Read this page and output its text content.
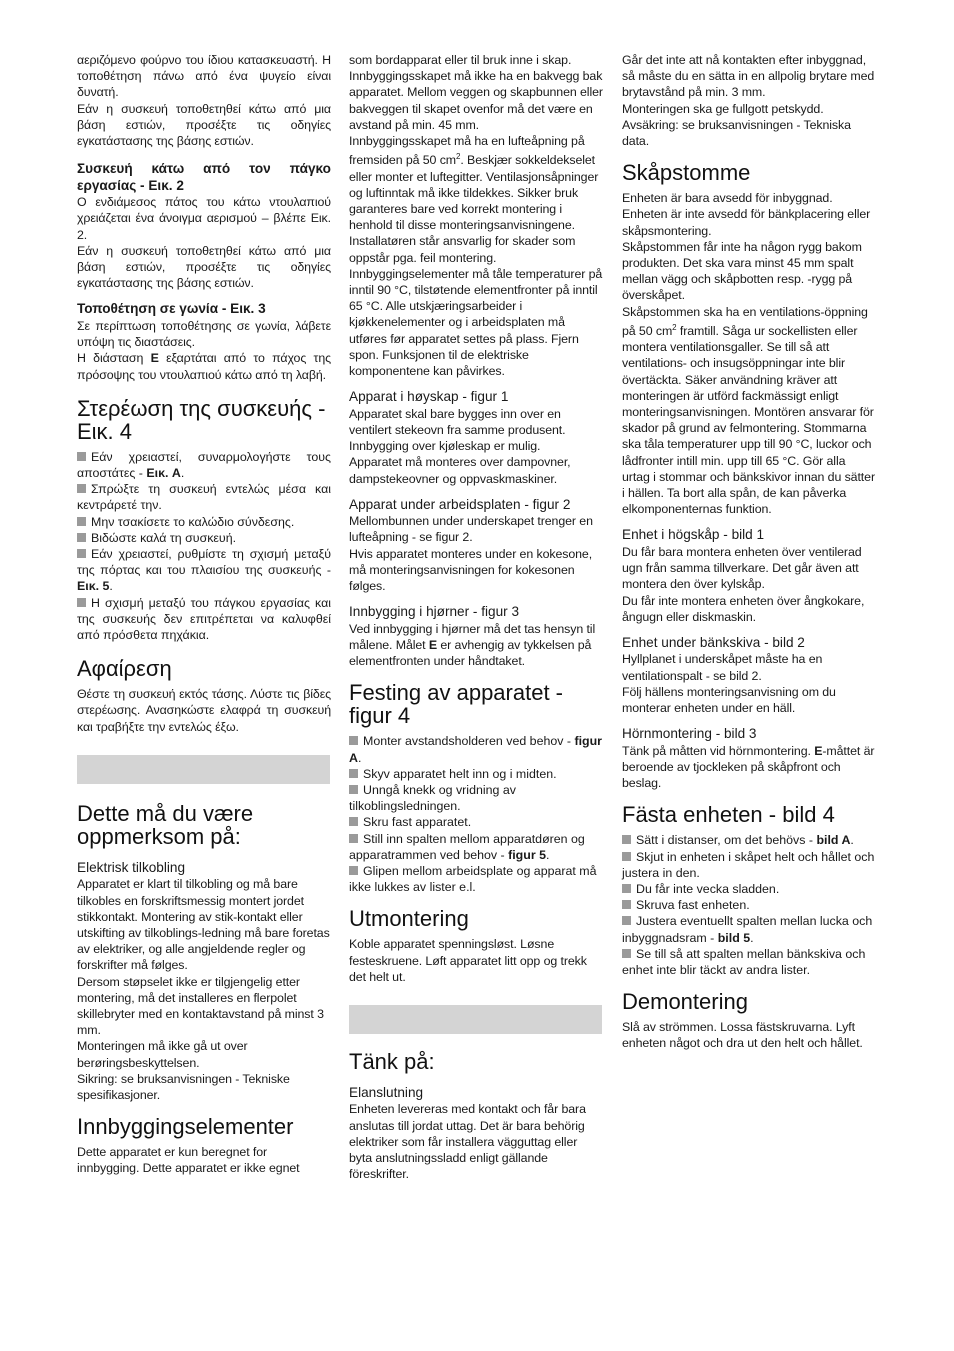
αεριζόμενο φούρνο του ίδιου κατασκευαστή. Η τοποθέτηση πάνω από ένα ψυγείο είναι δυνατή.

Εάν η συσκευή τοποθετηθεί κάτω από μια βάση εστιών, προσέξτε τις οδηγίες εγκατάστασης της βάσης εστιών.

Συσκευή κάτω από τον πάγκο εργασίας - Εικ. 2

Ο ενδιάμεσος πάτος του κάτω ντουλαπιού χρειάζεται ένα άνοιγμα αερισμού – βλέπε Εικ. 2.

Εάν η συσκευή τοποθετηθεί κάτω από μια βάση εστιών, προσέξτε τις οδηγίες εγκατάστασης της βάσης εστιών.

Τοποθέτηση σε γωνία - Εικ. 3

Σε περίπτωση τοποθέτησης σε γωνία, λάβετε υπόψη τις διαστάσεις.

Η διάσταση E εξαρτάται από το πάχος της πρόσοψης του ντουλαπιού κάτω από τη λαβή.

Στερέωση της συσκευής - Εικ. 4

Εάν χρειαστεί, συναρμολογήστε τους αποστάτες - Εικ. A.

Σπρώξτε τη συσκευή εντελώς μέσα και κεντράρετέ την.

Μην τσακίσετε το καλώδιο σύνδεσης.

Βιδώστε καλά τη συσκευή.

Εάν χρειαστεί, ρυθμίστε τη σχισμή μεταξύ της πόρτας και του πλαισίου της συσκευής - Εικ. 5.

Η σχισμή μεταξύ του πάγκου εργασίας και της συσκευής δεν επιτρέπεται να καλυφθεί από πρόσθετα πηχάκια.

Αφαίρεση

Θέστε τη συσκευή εκτός τάσης. Λύστε τις βίδες στερέωσης. Ανασηκώστε ελαφρά τη συσκευή και τραβήξτε την εντελώς έξω.

Dette må du være oppmerksom på:

Elektrisk tilkobling

Apparatet er klart til tilkobling og må bare tilkobles en forskriftsmessig montert jordet stikkontakt. Montering av stik-kontakt eller utskifting av tilkoblings-ledning må bare foretas av elektriker, og alle angjeldende regler og forskrifter må følges.

Dersom støpselet ikke er tilgjengelig etter montering, må det installeres en flerpolet skillebryter med en kontaktavstand på minst 3 mm.

Monteringen må ikke gå ut over berøringsbeskyttelsen.

Sikring: se bruksanvisningen - Tekniske spesifikasjoner.

Innbyggingselementer

Dette apparatet er kun beregnet for innbygging. Dette apparatet er ikke egnet

som bordapparat eller til bruk inne i skap. Innbyggingsskapet må ikke ha en bakvegg bak apparatet. Mellom veggen og skapbunnen eller bakveggen til skapet ovenfor må det være en avstand på min. 45 mm.

Innbyggingsskapet må ha en lufteåpning på fremsiden på 50 $cm^2$. Beskjær sokkeldekselet eller monter et luftegitter. Ventilasjonsåpninger og luftinntak må ikke tildekkes. Sikker bruk garanteres bare ved korrekt montering i henhold til disse monteringsanvisningene. Installatøren står ansvarlig for skader som oppstår pga. feil montering. Innbyggingselementer må tåle temperaturer på inntil 90 °C, tilstøtende elementfronter på inntil 65 °C. Alle utskjæringsarbeider i kjøkkenelementer og i arbeidsplaten må utføres før apparatet settes på plass. Fjern spon. Funksjonen til de elektriske komponentene kan påvirkes.

Apparat i høyskap - figur 1

Apparatet skal bare bygges inn over en ventilert stekeovn fra samme produsent. Innbygging over kjøleskap er mulig.

Apparatet må monteres over dampovner, dampstekeovner og oppvaskmaskiner.

Apparat under arbeidsplaten - figur 2

Mellombunnen under underskapet trenger en lufteåpning - se figur 2.

Hvis apparatet monteres under en kokesone, må monteringsanvisningen for kokesonen følges.

Innbygging i hjørner - figur 3

Ved innbygging i hjørner må det tas hensyn til målene. Målet E er avhengig av tykkelsen på elementfronten under håndtaket.

Festing av apparatet - figur 4

Monter avstandsholderen ved behov - figur A.

Skyv apparatet helt inn og i midten.

Unngå knekk og vridning av tilkoblingsledningen.

Skru fast apparatet.

Still inn spalten mellom apparatdøren og apparatrammen ved behov - figur 5.

Glipen mellom arbeidsplate og apparat må ikke lukkes av lister e.l.

Utmontering

Koble apparatet spenningsløst. Løsne festeskruene. Løft apparatet litt opp og trekk det helt ut.

Tänk på:

Elanslutning

Enheten levereras med kontakt och får bara anslutas till jordat uttag. Det är bara behörig elektriker som får installera vägguttag eller byta anslutningssladd enligt gällande föreskrifter.

Går det inte att nå kontakten efter inbyggnad, så måste du en sätta in en allpolig brytare med brytavstånd på min. 3 mm.

Monteringen ska ge fullgott petskydd.

Avsäkring: se bruksanvisningen - Tekniska data.

Skåpstomme

Enheten är bara avsedd för inbyggnad. Enheten är inte avsedd för bänkplacering eller skåpsmontering.

Skåpstommen får inte ha någon rygg bakom produkten. Det ska vara minst 45 mm spalt mellan vägg och skåpbotten resp. -rygg på överskåpet.

Skåpstommen ska ha en ventilations-öppning på 50 $cm^2$ framtill. Såga ur sockellisten eller montera ventilationsgaller. Se till så att ventilations- och insugsöppningar inte blir övertäckta. Säker användning kräver att monteringen är utförd fackmässigt enligt monteringsanvisningen. Montören ansvarar för skador på grund av felmontering. Stommarna ska tåla temperaturer upp till 90 °C, luckor och lådfronter intill min. upp till 65 °C. Gör alla urtag i stommar och bänkskivor innan du sätter i hällen. Ta bort alla spån, de kan påverka elkomponenternas funktion.

Enhet i högskåp - bild 1

Du får bara montera enheten över ventilerad ugn från samma tillverkare. Det går även att montera den över kylskåp.

Du får inte montera enheten över ångkokare, ångugn eller diskmaskin.

Enhet under bänkskiva - bild 2

Hyllplanet i underskåpet måste ha en ventilationspalt - se bild 2.

Följ hällens monteringsanvisning om du monterar enheten under en häll.

Hörnmontering - bild 3

Tänk på måtten vid hörnmontering. E-måttet är beroende av tjockleken på skåpfront och beslag.

Fästa enheten - bild 4

Sätt i distanser, om det behövs - bild A.

Skjut in enheten i skåpet helt och hållet och justera in den.

Du får inte vecka sladden.

Skruva fast enheten.

Justera eventuellt spalten mellan lucka och inbyggnadsram - bild 5.

Se till så att spalten mellan bänkskiva och enhet inte blir täckt av andra lister.

Demontering

Slå av strömmen. Lossa fästskruvarna. Lyft enheten något och dra ut den helt och hållet.
